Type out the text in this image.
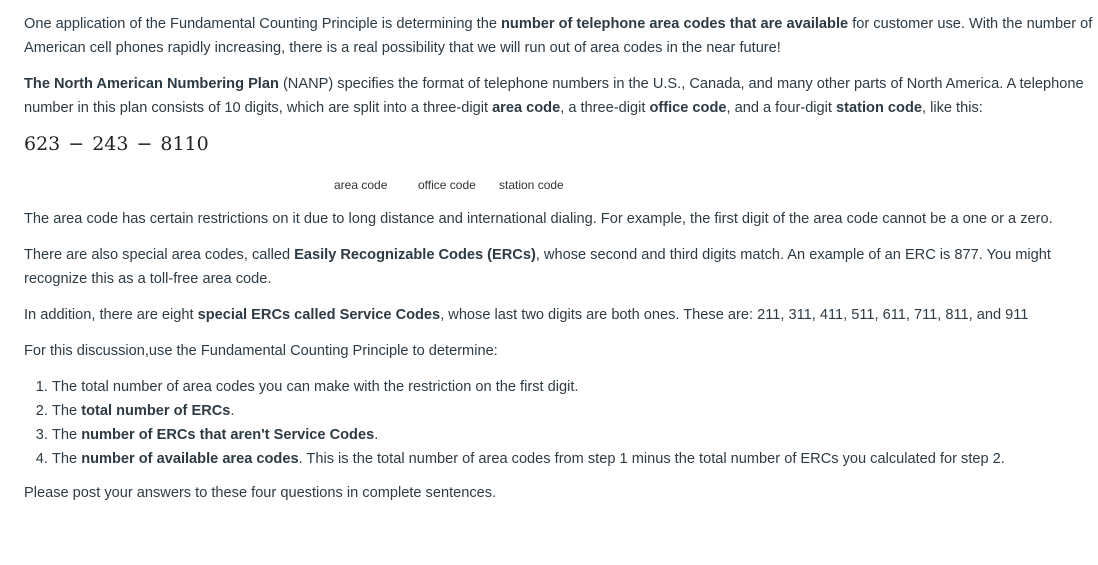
One application of the Fundamental Counting Principle is determining the number of telephone area codes that are available for customer use. With the number of American cell phones rapidly increasing, there is a real possibility that we will run out of area codes in the near future!

The North American Numbering Plan (NANP) specifies the format of telephone numbers in the U.S., Canada, and many other parts of North America. A telephone number in this plan consists of 10 digits, which are split into a three-digit area code, a three-digit office code, and a four-digit station code, like this:

623 − 243 − 8110
area code	office code station code

The area code has certain restrictions on it due to long distance and international dialing. For example, the first digit of the area code cannot be a one or a zero.

There are also special area codes, called Easily Recognizable Codes (ERCs), whose second and third digits match. An example of an ERC is 877. You might recognize this as a toll-free area code.

In addition, there are eight special ERCs called Service Codes, whose last two digits are both ones. These are: 211, 311, 411, 511, 611, 711, 811, and 911

For this discussion,use the Fundamental Counting Principle to determine:

1. The total number of area codes you can make with the restriction on the first digit.
2. The total number of ERCs.
3. The number of ERCs that aren't Service Codes.
4. The number of available area codes. This is the total number of area codes from step 1 minus the total number of ERCs you calculated for step 2.

Please post your answers to these four questions in complete sentences.
